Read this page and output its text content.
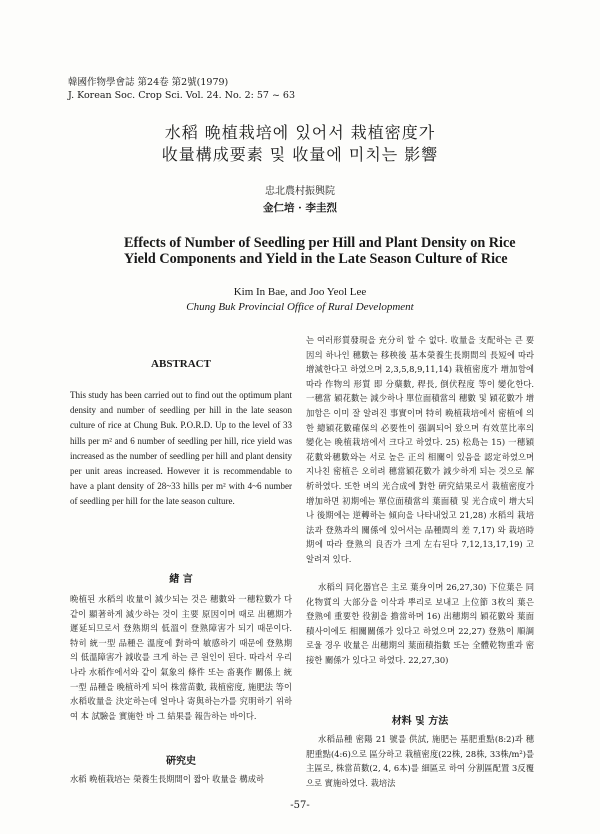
韓國作物學會誌 第24卷 第2號(1979)
J. Korean Soc. Crop Sci. Vol. 24. No. 2: 57 ~ 63
水稻 晩植栽培에 있어서 栽植密度가
收量構成要素 및 收量에 미치는 影響
忠北農村振興院
金仁培 · 李圭烈
Effects of Number of Seedling per Hill and Plant Density on Rice Yield Components and Yield in the Late Season Culture of Rice
Kim In Bae, and Joo Yeol Lee
Chung Buk Provincial Office of Rural Development
ABSTRACT
This study has been carried out to find out the optimum plant density and number of seedling per hill in the late season culture of rice at Chung Buk. P.O.R.D. Up to the level of 33 hills per m² and 6 number of seedling per hill, rice yield was increased as the number of seedling per hill and plant density per unit areas increased. However it is recommendable to have a plant density of 28~33 hills per m² with 4~6 number of seedling per hill for the late season culture.
緖 言
晩植된 水稻의 收量이 減少되는 것은 穗數와 一穗粒數가 다같이 顯著하게 減少하는 것이 主要 原因이며 때로 出穗期가 遲延되므로서 登熟期의 低溫이 登熟障害가 되기 때문이다. 特히 統一型 品種은 溫度에 對하여 敏感하기 때문에 登熟期의 低溫障害가 減收를 크게 하는 큰 원인이 된다. 따라서 우리나라 水稻作에서와 같이 氣象의 條件 또는 畓裏作 關係上 統一型 品種을 晩植하게 되어 株當苗數, 栽植密度, 施肥法 等이 水稻收量을 決定하는데 얼마나 寄與하는가를 究明하기 위하여 本 試驗을 實施한 바 그 結果를 報告하는 바이다.
硏究史
水稻 晩植栽培는 榮養生長期間이 짧아 收量을 構成하
는 여러形質發現을 充分히 할 수 없다. 收量을 支配하는 큰 要因의 하나인 穗數는 移秧後 基本榮養生長期間의 長短에 따라 增減한다고 하였으며 2,3,5,8,9,11,14) 栽植密度가 增加함에 따라 作物의 形質 即 分蘖數, 稈長, 倒伏程度 等이 變化한다. 一穗當 穎花數는 減少하나 單位面積當의 穗數 및 穎花數가 增加함은 이미 잘 알려진 事實이며 特히 晩植栽培에서 密植에 의한 總穎花數確保의 必要性이 强調되어 왔으며 有效莖比率의 變化는 晩植栽培에서 크다고 하였다. 25) 松島는 15) 一穗穎花數와穗數와는 서로 높은 正의 相關이 있음을 認定하였으며 지나친 密植은 오히려 穗當穎花數가 減少하게 되는 것으로 解析하였다. 또한 벼의 光合成에 對한 硏究結果로서 栽植密度가 增加하면 初期에는 單位面積當의 葉面積 및 光合成이 增大되나 後期에는 逆轉하는 傾向을 나타내었고 21,28) 水稻의 栽培法과 登熟과의 關係에 있어서는 品種間의 差 7,17) 와 栽培時期에 따라 登熟의 良否가 크게 左右된다 7,12,13,17,19) 고 알려져 있다.
水稻의 同化器官은 主로 葉身이며 26,27,30) 下位葉은 同化物質의 大部分을 이삭과 뿌리로 보내고 上位節 3枚의 葉은 登熟에 重要한 役割을 擔當하며 16) 出穗期의 穎花數와 葉面積사이에도 相關關係가 있다고 하였으며 22,27) 登熟이 順調로울 경우 收量은 出穗期의 葉面積指數 또는 全體乾物重과 密接한 關係가 있다고 하였다. 22,27,30)
材料 및 方法
水稻品種 密陽 21 號를 供試, 施肥는 基肥重點(8:2)과 穗肥重點(4:6)으로 區分하고 栽植密度(22株, 28株, 33株/m²)를 主區로, 株當苗數(2, 4, 6本)를 細區로 하여 分割區配置 3反覆으로 實施하였다. 栽培法
-57-
